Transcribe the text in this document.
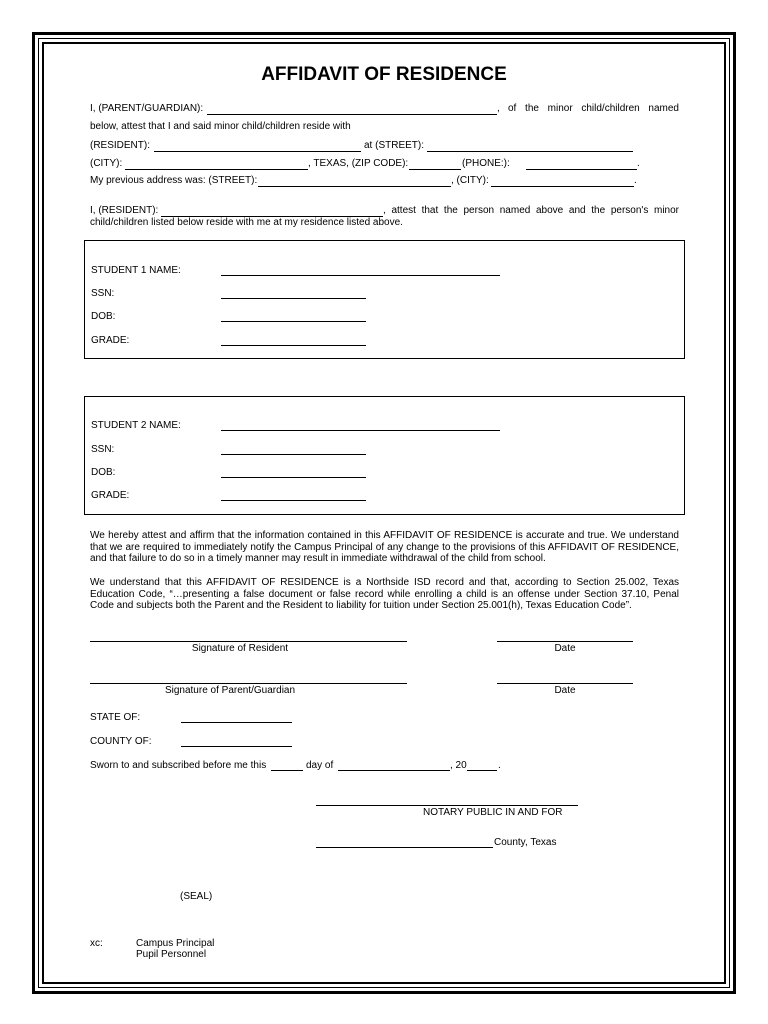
AFFIDAVIT OF RESIDENCE
I, (PARENT/GUARDIAN):	, of the minor child/children named
below, attest that I and said minor child/children reside with
(RESIDENT):	at (STREET):
(CITY):	, TEXAS, (ZIP CODE):	(PHONE:):	.
My previous address was: (STREET):	, (CITY):	.
I, (RESIDENT):	, attest that the person named above and the person's minor
child/children listed below reside with me at my residence listed above.
STUDENT 1 NAME:
SSN:
DOB:
GRADE:
STUDENT 2 NAME:
SSN:
DOB:
GRADE:
We hereby attest and affirm that the information contained in this AFFIDAVIT OF RESIDENCE is accurate and true. We understand that we are required to immediately notify the Campus Principal of any change to the provisions of this AFFIDAVIT OF RESIDENCE, and that failure to do so in a timely manner may result in immediate withdrawal of the child from school.
We understand that this AFFIDAVIT OF RESIDENCE is a Northside ISD record and that, according to Section 25.002, Texas Education Code, “…presenting a false document or false record while enrolling a child is an offense under Section 37.10, Penal Code and subjects both the Parent and the Resident to liability for tuition under Section 25.001(h), Texas Education Code”.
Signature of Resident	Date
Signature of Parent/Guardian	Date
STATE OF:
COUNTY OF:
Sworn to and subscribed before me this	day of	, 20	.
NOTARY PUBLIC IN AND FOR
County, Texas
(SEAL)
xc:	Campus Principal
Pupil Personnel
